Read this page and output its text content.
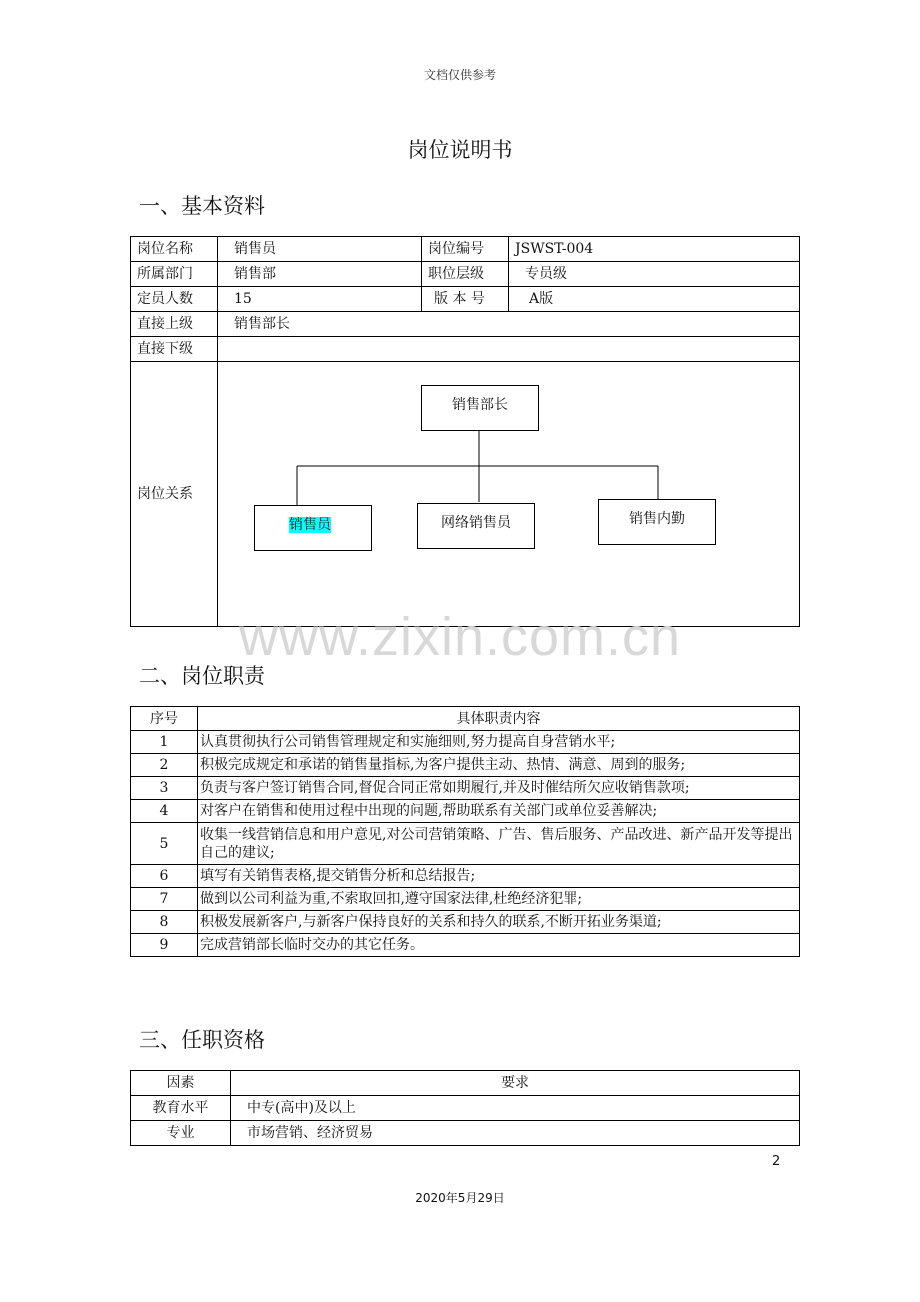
文档仅供参考
岗位说明书
一、基本资料
岗位名称	销售员	岗位编号	JSWST-004
所属部门	销售部	职位层级	专员级
定员人数	15	版 本 号	A版
直接上级	销售部长		
直接下级			
岗位关系	销售部长
销售员 网络销售员 销售内勤		
www.zixin.com.cn
二、岗位职责
序号	具体职责内容
1	认真贯彻执行公司销售管理规定和实施细则,努力提高自身营销水平;
2	积极完成规定和承诺的销售量指标,为客户提供主动、热情、满意、周到的服务;
3	负责与客户签订销售合同,督促合同正常如期履行,并及时催结所欠应收销售款项;
4	对客户在销售和使用过程中出现的问题,帮助联系有关部门或单位妥善解决;
5	收集一线营销信息和用户意见,对公司营销策略、广告、售后服务、产品改进、新产品开发等提出自己的建议;
6	填写有关销售表格,提交销售分析和总结报告;
7	做到以公司利益为重,不索取回扣,遵守国家法律,杜绝经济犯罪;
8	积极发展新客户,与新客户保持良好的关系和持久的联系,不断开拓业务渠道;
9	完成营销部长临时交办的其它任务。
三、任职资格
因素	要求
教育水平	中专(高中)及以上
专业	市场营销、经济贸易
2
2020年5月29日
